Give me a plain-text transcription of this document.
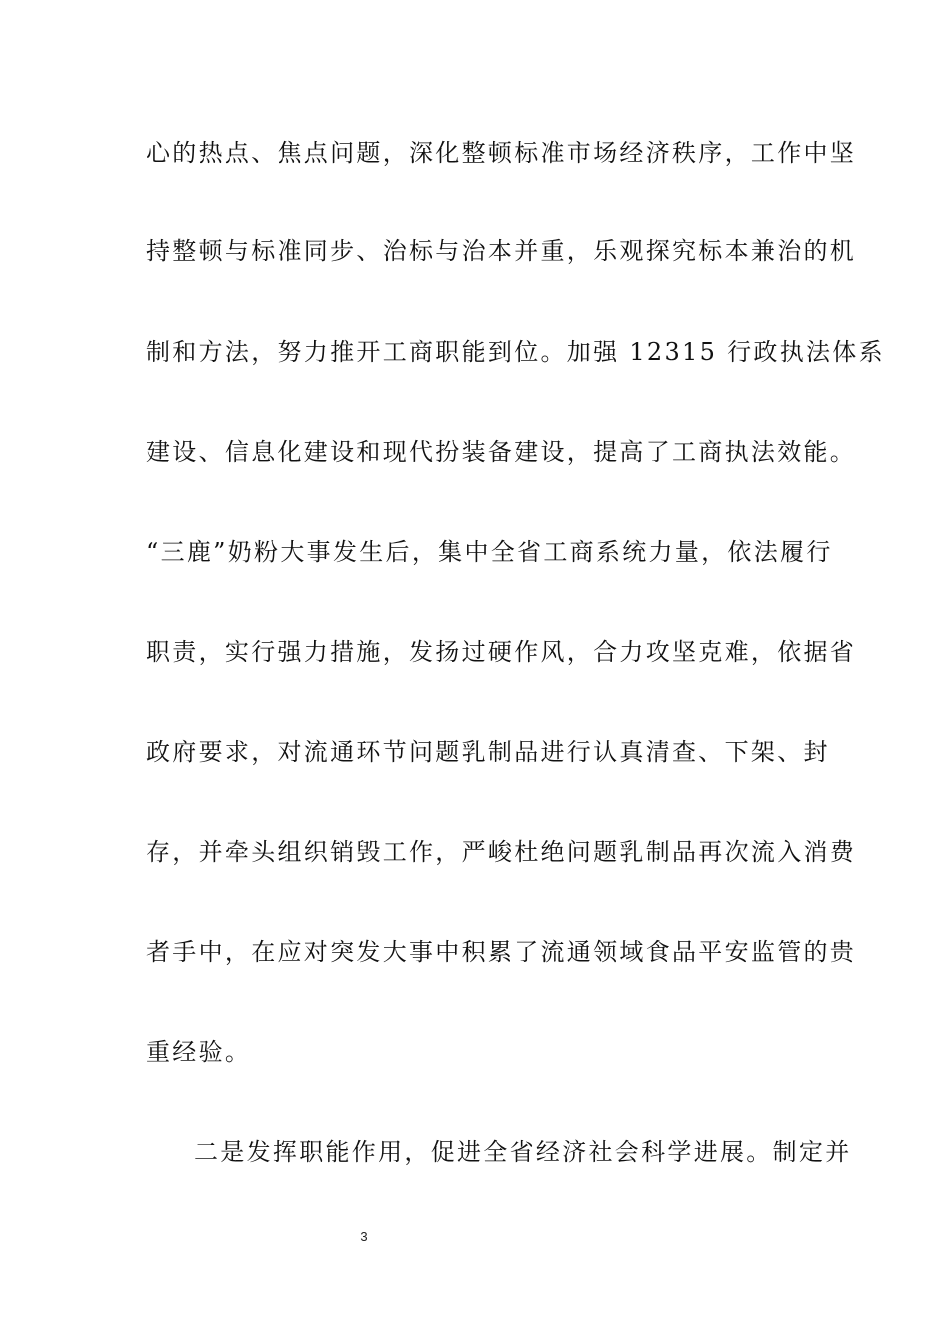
心的热点、焦点问题，深化整顿标准市场经济秩序，工作中坚
持整顿与标准同步、治标与治本并重，乐观探究标本兼治的机
制和方法，努力推开工商职能到位。加强 12315 行政执法体系
建设、信息化建设和现代扮装备建设，提高了工商执法效能。
“三鹿”奶粉大事发生后，集中全省工商系统力量，依法履行
职责，实行强力措施，发扬过硬作风，合力攻坚克难，依据省
政府要求，对流通环节问题乳制品进行认真清查、下架、封
存，并牵头组织销毁工作，严峻杜绝问题乳制品再次流入消费
者手中，在应对突发大事中积累了流通领域食品平安监管的贵
重经验。
二是发挥职能作用，促进全省经济社会科学进展。制定并
3
